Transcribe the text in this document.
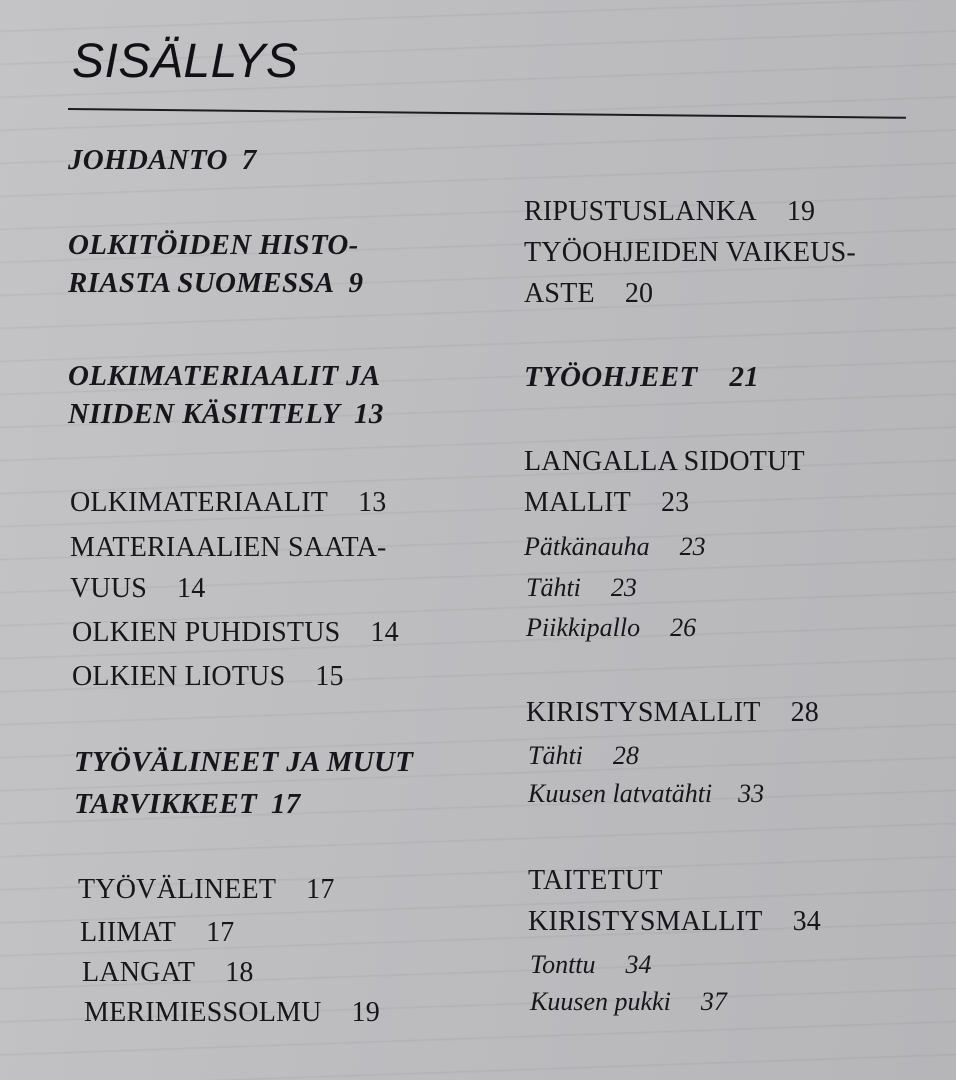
SISÄLLYS
JOHDANTO 7
OLKITÖIDEN HISTO-
RIASTA SUOMESSA 9
OLKIMATERIAALIT JA
NIIDEN KÄSITTELY 13
OLKIMATERIAALIT 13
MATERIAALIEN SAATA-
VUUS 14
OLKIEN PUHDISTUS 14
OLKIEN LIOTUS 15
TYÖVÄLINEET JA MUUT
TARVIKKEET 17
TYÖVÄLINEET 17
LIIMAT 17
LANGAT 18
MERIMIESSOLMU 19
RIPUSTUSLANKA 19
TYÖOHJEIDEN VAIKEUS-
ASTE 20
TYÖOHJEET 21
LANGALLA SIDOTUT
MALLIT 23
Pätkänauha 23
Tähti 23
Piikkipallo 26
KIRISTYSMALLIT 28
Tähti 28
Kuusen latvatähti 33
TAITETUT
KIRISTYSMALLIT 34
Tonttu 34
Kuusen pukki 37
